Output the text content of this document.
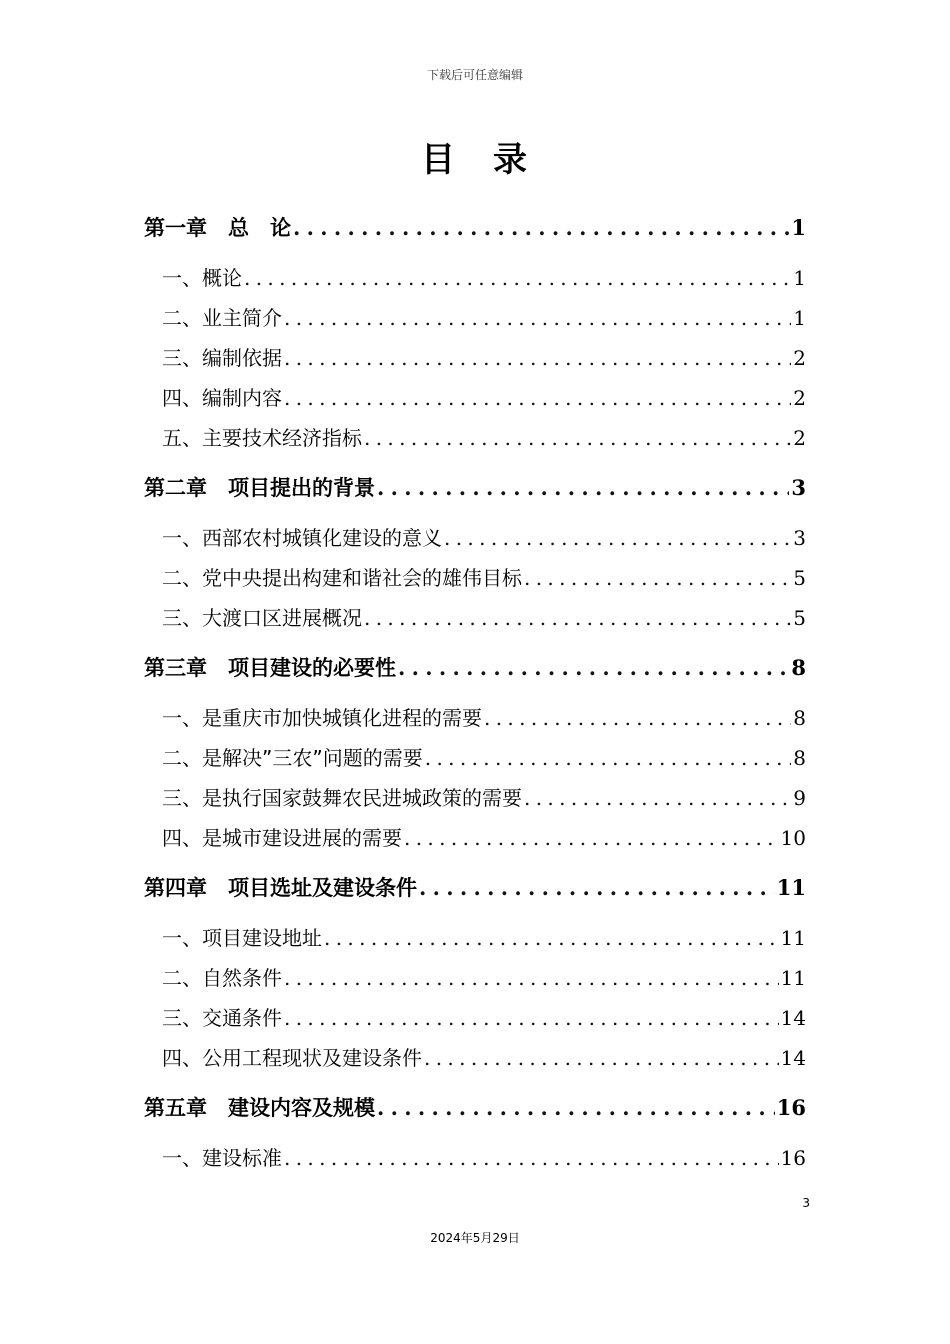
下载后可任意编辑
目　录
第一章　总　论 . . .	1
一、概论 . . .	1
二、业主简介 . . .	1
三、编制依据 . . .	2
四、编制内容 . . .	2
五、主要技术经济指标 . . .	2
第二章　项目提出的背景 . . .	3
一、西部农村城镇化建设的意义 . . .	3
二、党中央提出构建和谐社会的雄伟目标 . . .	5
三、大渡口区进展概况 . . .	5
第三章　项目建设的必要性 . . .	8
一、是重庆市加快城镇化进程的需要 . . .	8
二、是解决”三农”问题的需要 . . .	8
三、是执行国家鼓舞农民进城政策的需要 . . .	9
四、是城市建设进展的需要 . . .	10
第四章　项目选址及建设条件 . . .	11
一、项目建设地址 . . .	11
二、自然条件 . . .	11
三、交通条件 . . .	14
四、公用工程现状及建设条件 . . .	14
第五章　建设内容及规模 . . .	16
一、建设标准 . . .	16
3
2024年5月29日
